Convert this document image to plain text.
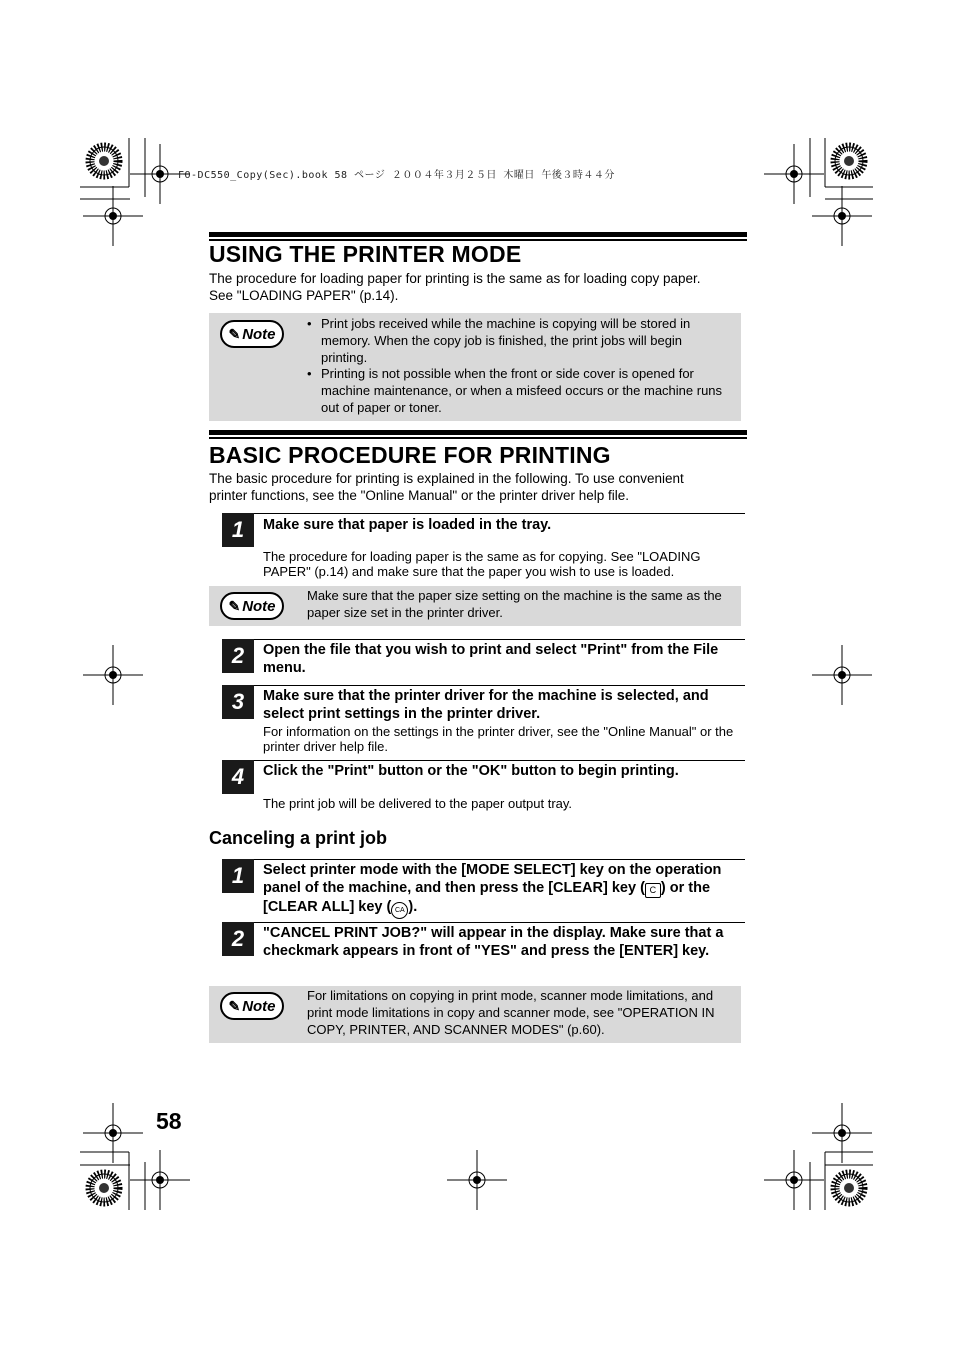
FO-DC550_Copy(Sec).book 58 ページ ２００４年３月２５日 木曜日 午後３時４４分
USING THE PRINTER MODE
The procedure for loading paper for printing is the same as for loading copy paper.
See "LOADING PAPER" (p.14).
✎ Note
• Print jobs received while the machine is copying will be stored in memory. When the copy job is finished, the print jobs will begin printing.
• Printing is not possible when the front or side cover is opened for machine maintenance, or when a misfeed occurs or the machine runs out of paper or toner.
BASIC PROCEDURE FOR PRINTING
The basic procedure for printing is explained in the following. To use convenient
printer functions, see the "Online Manual" or the printer driver help file.
1	Make sure that paper is loaded in the tray.
The procedure for loading paper is the same as for copying. See "LOADING PAPER" (p.14) and make sure that the paper you wish to use is loaded.
✎ Note
Make sure that the paper size setting on the machine is the same as the paper size set in the printer driver.
2	Open the file that you wish to print and select "Print" from the File menu.
3	Make sure that the printer driver for the machine is selected, and select print settings in the printer driver.
For information on the settings in the printer driver, see the "Online Manual" or the printer driver help file.
4	Click the "Print" button or the "OK" button to begin printing.
The print job will be delivered to the paper output tray.
Canceling a print job
1	Select printer mode with the [MODE SELECT] key on the operation panel of the machine, and then press the [CLEAR] key ( C ) or the [CLEAR ALL] key ( CA ).
2	"CANCEL PRINT JOB?" will appear in the display. Make sure that a checkmark appears in front of "YES" and press the [ENTER] key.
✎ Note
For limitations on copying in print mode, scanner mode limitations, and print mode limitations in copy and scanner mode, see "OPERATION IN COPY, PRINTER, AND SCANNER MODES" (p.60).
58
